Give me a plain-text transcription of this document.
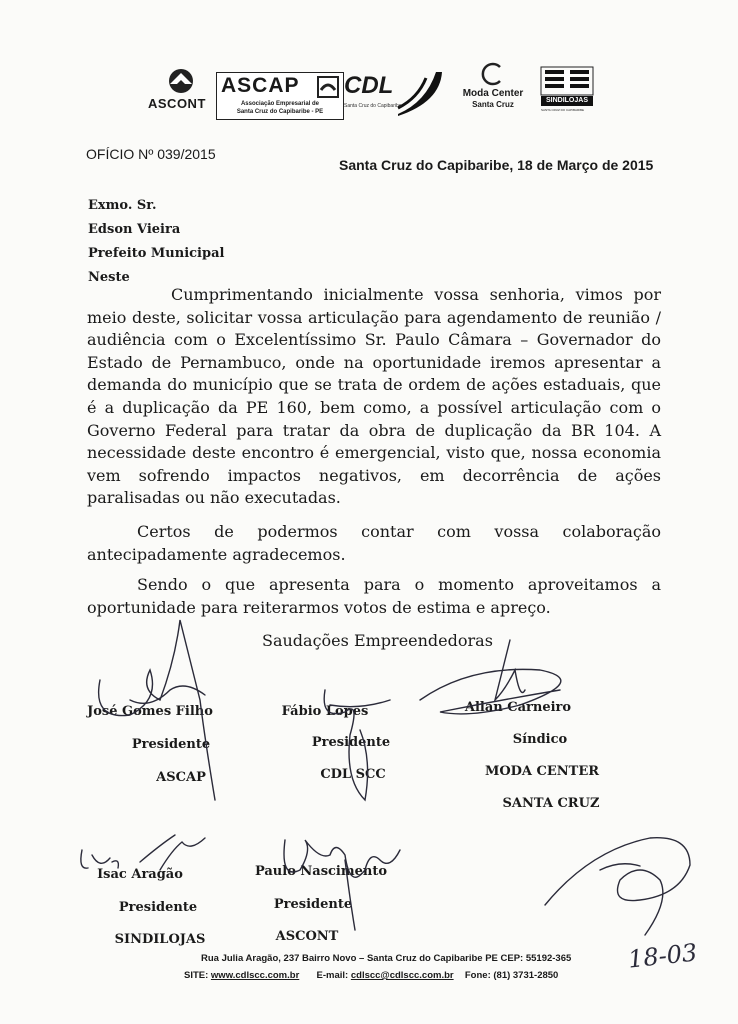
ASCONT
ASCAP
Associação Empresarial de
Santa Cruz do Capibaribe - PE
CDL
Santa Cruz do Capibaribe
Moda Center
Santa Cruz	SINDILOJAS
SANTA CRUZ DO CAPIBARIBE
OFÍCIO Nº 039/2015
Santa Cruz do Capibaribe, 18 de Março de 2015
Exmo. Sr.
Edson Vieira
Prefeito Municipal
Neste
Cumprimentando inicialmente vossa senhoria, vimos por meio deste, solicitar vossa articulação para agendamento de reunião / audiência com o Excelentíssimo Sr. Paulo Câmara – Governador do Estado de Pernambuco, onde na oportunidade iremos apresentar a demanda do município que se trata de ordem de ações estaduais, que é a duplicação da PE 160, bem como, a possível articulação com o Governo Federal para tratar da obra de duplicação da BR 104. A necessidade deste encontro é emergencial, visto que, nossa economia vem sofrendo impactos negativos, em decorrência de ações paralisadas ou não executadas.
Certos de podermos contar com vossa colaboração antecipadamente agradecemos.
Sendo o que apresenta para o momento aproveitamos a oportunidade para reiterarmos votos de estima e apreço.
Saudações Empreendedoras
José Gomes Filho
Presidente
ASCAP
Fábio Lopes
Presidente
CDL SCC
Allan Carneiro
Síndico
MODA CENTER
SANTA CRUZ
Isac Aragão
Presidente
SINDILOJAS
Paulo Nascimento
Presidente
ASCONT
18-03
Rua Julia Aragão, 237 Bairro Novo – Santa Cruz do Capibaribe PE CEP: 55192-365
SITE: www.cdlscc.com.br E-mail: cdlscc@cdlscc.com.br Fone: (81) 3731-2850
